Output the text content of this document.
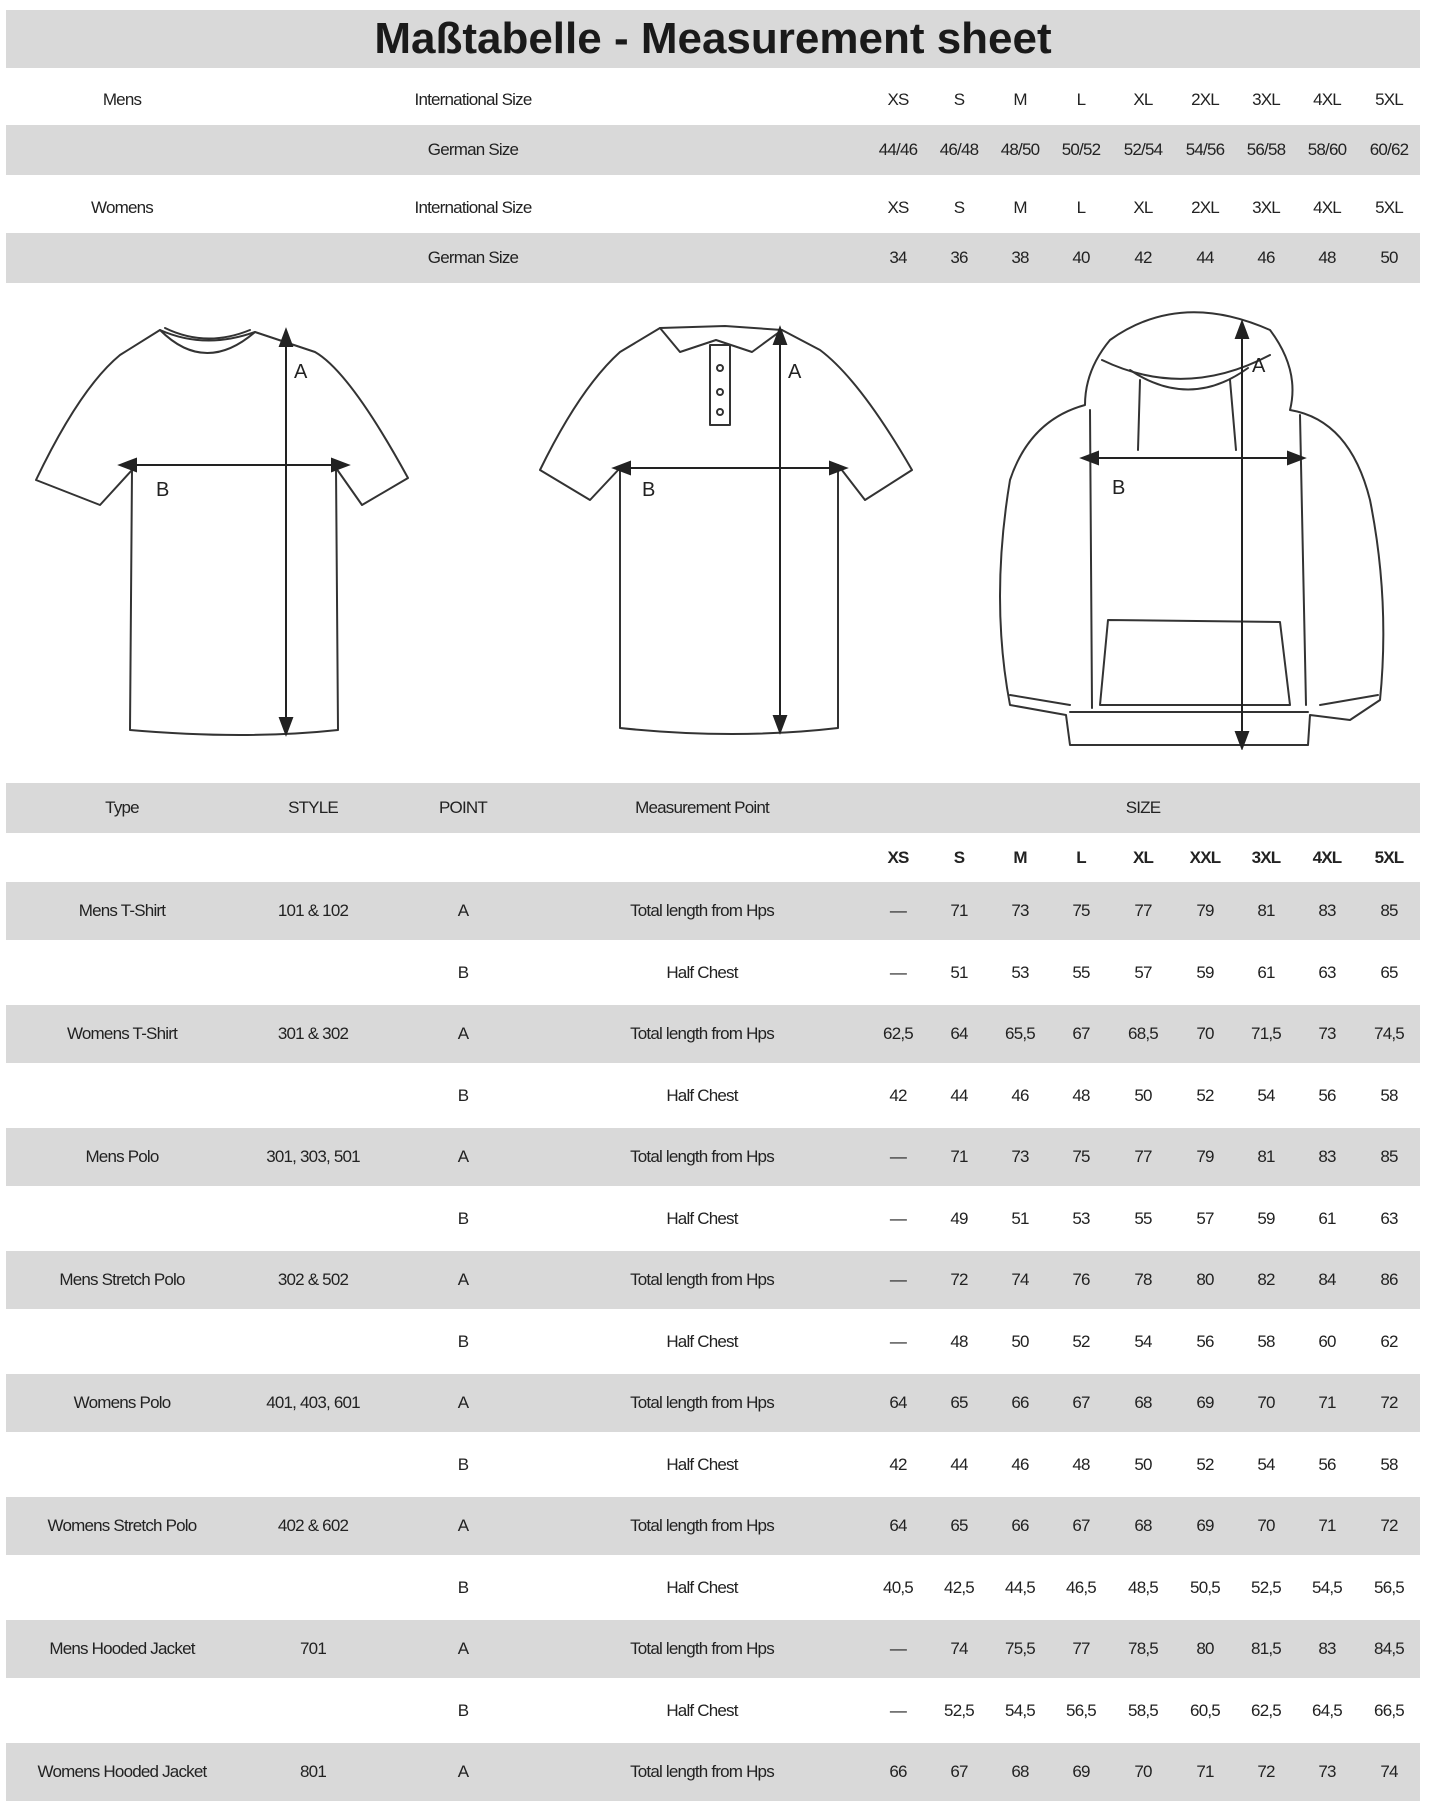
Maßtabelle - Measurement sheet
Mens	International Size	XS	S	M	L	XL	2XL	3XL	4XL	5XL
German Size	44/46	46/48	48/50	50/52	52/54	54/56	56/58	58/60	60/62
Womens	International Size	XS	S	M	L	XL	2XL	3XL	4XL	5XL
German Size	34	36	38	40	42	44	46	48	50
A
B
A
B
A
B
Type	STYLE	POINT	Measurement Point	SIZE
XS	S	M	L	XL	XXL	3XL	4XL	5XL
Mens T-Shirt	101 & 102	A	Total length from Hps	—	71	73	75	77	79	81	83	85
B	Half Chest	—	51	53	55	57	59	61	63	65
Womens T-Shirt	301 & 302	A	Total length from Hps	62,5	64	65,5	67	68,5	70	71,5	73	74,5
B	Half Chest	42	44	46	48	50	52	54	56	58
Mens Polo	301, 303, 501	A	Total length from Hps	—	71	73	75	77	79	81	83	85
B	Half Chest	—	49	51	53	55	57	59	61	63
Mens Stretch Polo	302 & 502	A	Total length from Hps	—	72	74	76	78	80	82	84	86
B	Half Chest	—	48	50	52	54	56	58	60	62
Womens Polo	401, 403, 601	A	Total length from Hps	64	65	66	67	68	69	70	71	72
B	Half Chest	42	44	46	48	50	52	54	56	58
Womens Stretch Polo	402 & 602	A	Total length from Hps	64	65	66	67	68	69	70	71	72
B	Half Chest	40,5	42,5	44,5	46,5	48,5	50,5	52,5	54,5	56,5
Mens Hooded Jacket	701	A	Total length from Hps	—	74	75,5	77	78,5	80	81,5	83	84,5
B	Half Chest	—	52,5	54,5	56,5	58,5	60,5	62,5	64,5	66,5
Womens Hooded Jacket	801	A	Total length from Hps	66	67	68	69	70	71	72	73	74
